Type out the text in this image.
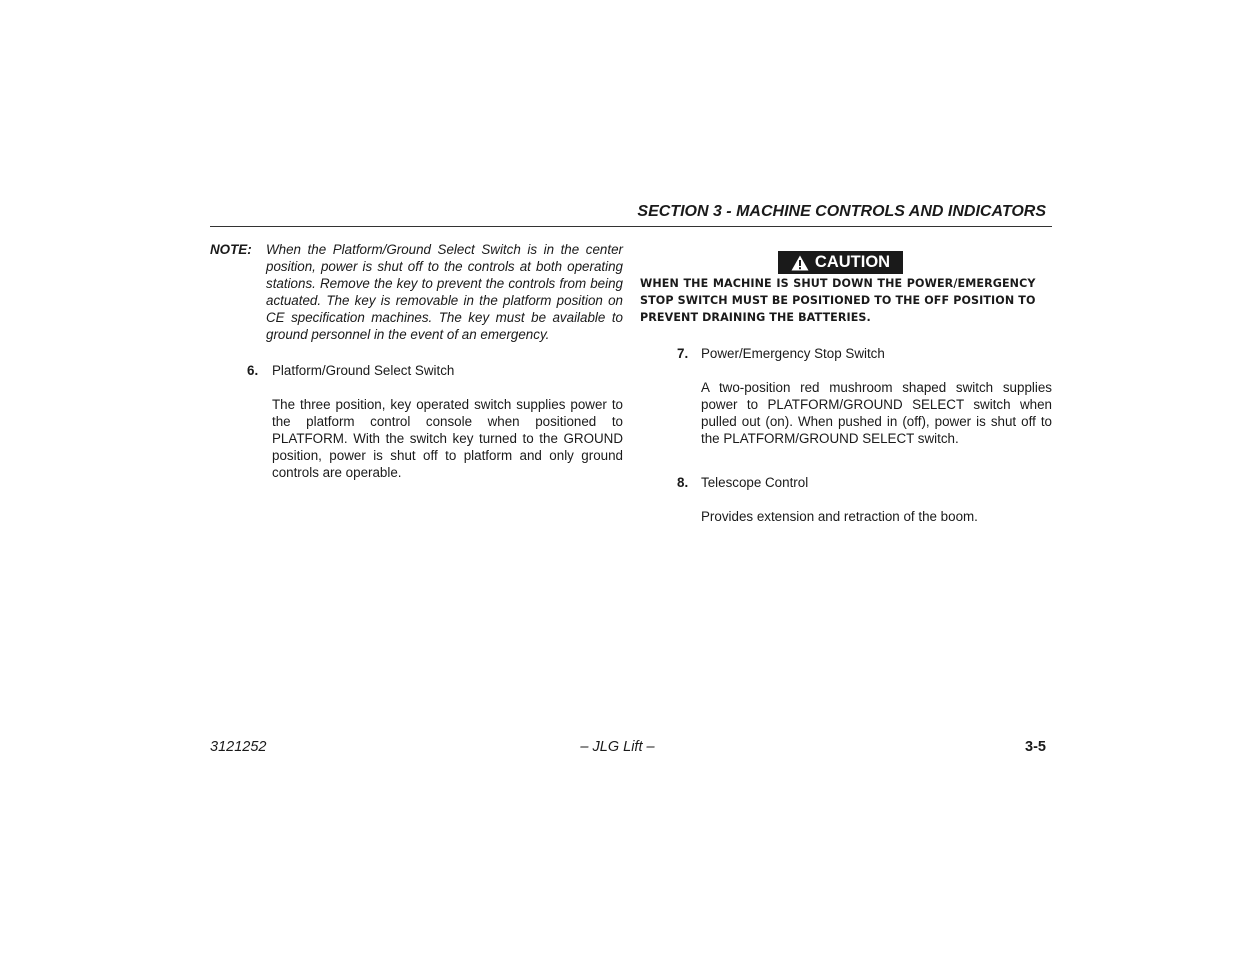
SECTION 3 - MACHINE CONTROLS AND INDICATORS
NOTE: When the Platform/Ground Select Switch is in the center position, power is shut off to the controls at both operating stations. Remove the key to prevent the controls from being actuated. The key is removable in the platform position on CE specification machines. The key must be available to ground personnel in the event of an emergency.

6. Platform/Ground Select Switch

The three position, key operated switch supplies power to the platform control console when positioned to PLATFORM. With the switch key turned to the GROUND position, power is shut off to platform and only ground controls are operable.

CAUTION

WHEN THE MACHINE IS SHUT DOWN THE POWER/EMERGENCY STOP SWITCH MUST BE POSITIONED TO THE OFF POSITION TO PREVENT DRAINING THE BATTERIES.

7. Power/Emergency Stop Switch

A two-position red mushroom shaped switch supplies power to PLATFORM/GROUND SELECT switch when pulled out (on). When pushed in (off), power is shut off to the PLATFORM/GROUND SELECT switch.

8. Telescope Control

Provides extension and retraction of the boom.

3121252	– JLG Lift –	3-5
